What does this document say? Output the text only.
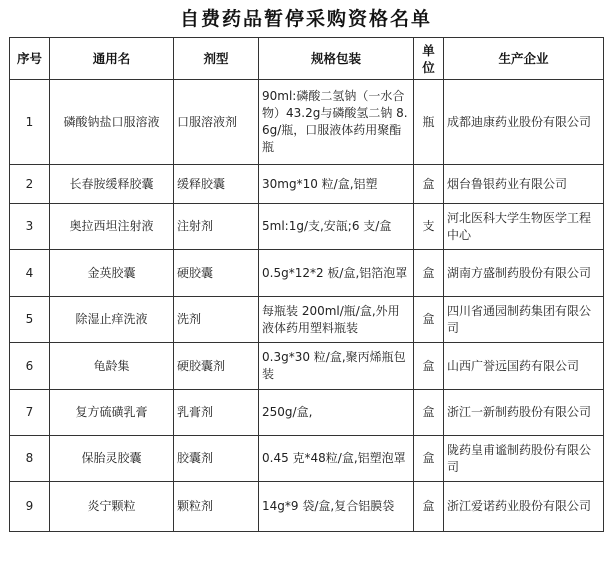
自费药品暂停采购资格名单
序号	通用名	剂型	规格包装	单位	生产企业
1	磷酸钠盐口服溶液	口服溶液剂	90ml:磷酸二氢钠（一水合物）43.2g与磷酸氢二钠 8.6g/瓶，口服液体药用聚酯瓶	瓶	成都迪康药业股份有限公司
2	长春胺缓释胶囊	缓释胶囊	30mg*10 粒/盒,铝塑	盒	烟台鲁银药业有限公司
3	奥拉西坦注射液	注射剂	5ml:1g/支,安瓿;6 支/盒	支	河北医科大学生物医学工程中心
4	金英胶囊	硬胶囊	0.5g*12*2 板/盒,铝箔泡罩	盒	湖南方盛制药股份有限公司
5	除湿止痒洗液	洗剂	每瓶装 200ml/瓶/盒,外用液体药用塑料瓶装	盒	四川省通园制药集团有限公司
6	龟龄集	硬胶囊剂	0.3g*30 粒/盒,聚丙烯瓶包装	盒	山西广誉远国药有限公司
7	复方硫磺乳膏	乳膏剂	250g/盒,	盒	浙江一新制药股份有限公司
8	保胎灵胶囊	胶囊剂	0.45 克*48粒/盒,铝塑泡罩	盒	陇药皇甫谧制药股份有限公司
9	炎宁颗粒	颗粒剂	14g*9 袋/盒,复合铝膜袋	盒	浙江爱诺药业股份有限公司
